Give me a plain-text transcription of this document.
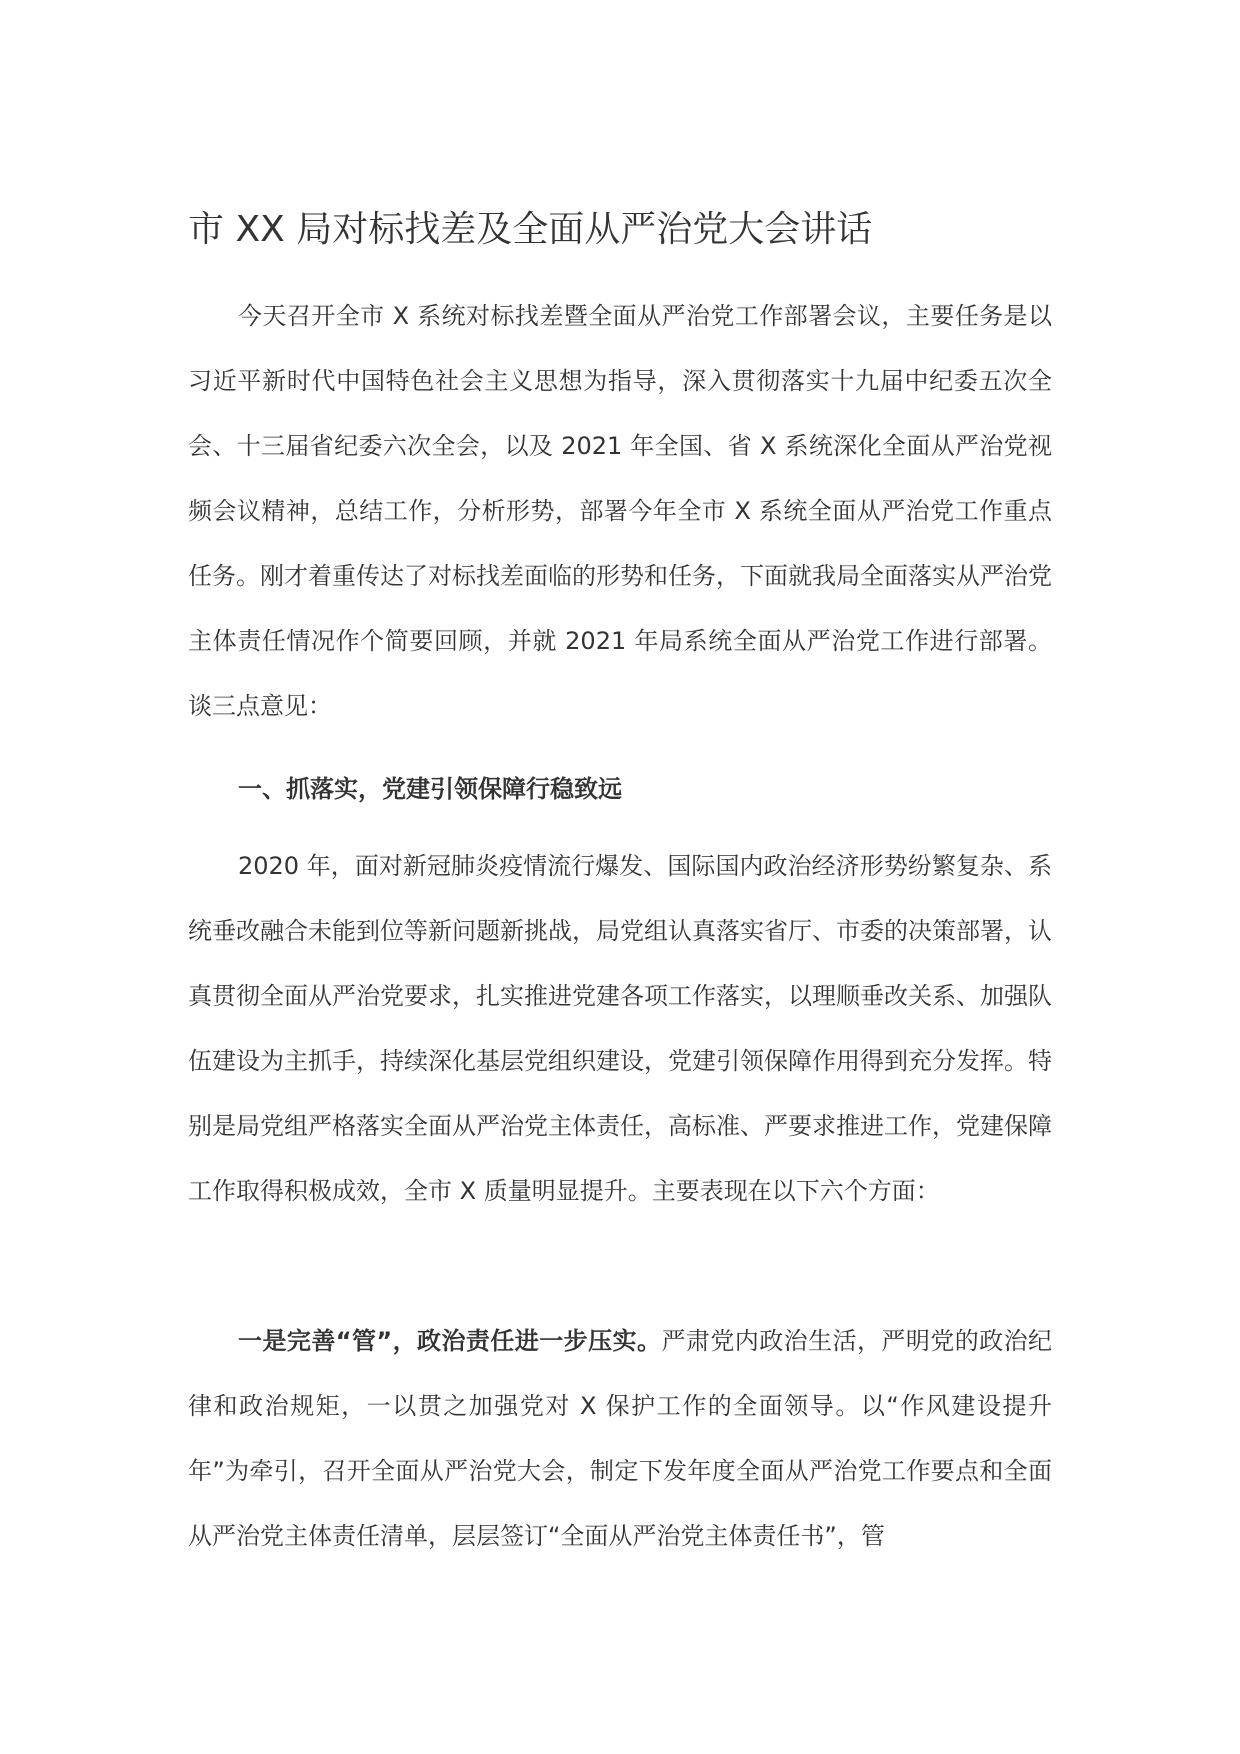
市 XX 局对标找差及全面从严治党大会讲话

今天召开全市 X 系统对标找差暨全面从严治党工作部署会议，主要任务是以习近平新时代中国特色社会主义思想为指导，深入贯彻落实十九届中纪委五次全会、十三届省纪委六次全会，以及 2021 年全国、省 X 系统深化全面从严治党视频会议精神，总结工作，分析形势，部署今年全市 X 系统全面从严治党工作重点任务。刚才着重传达了对标找差面临的形势和任务，下面就我局全面落实从严治党主体责任情况作个简要回顾，并就 2021 年局系统全面从严治党工作进行部署。谈三点意见：

一、抓落实，党建引领保障行稳致远

2020 年，面对新冠肺炎疫情流行爆发、国际国内政治经济形势纷繁复杂、系统垂改融合未能到位等新问题新挑战，局党组认真落实省厅、市委的决策部署，认真贯彻全面从严治党要求，扎实推进党建各项工作落实，以理顺垂改关系、加强队伍建设为主抓手，持续深化基层党组织建设，党建引领保障作用得到充分发挥。特别是局党组严格落实全面从严治党主体责任，高标准、严要求推进工作，党建保障工作取得积极成效，全市 X 质量明显提升。主要表现在以下六个方面：

一是完善“管”，政治责任进一步压实。严肃党内政治生活，严明党的政治纪律和政治规矩，一以贯之加强党对 X 保护工作的全面领导。以“作风建设提升年”为牵引，召开全面从严治党大会，制定下发年度全面从严治党工作要点和全面从严治党主体责任清单，层层签订“全面从严治党主体责任书”，管
